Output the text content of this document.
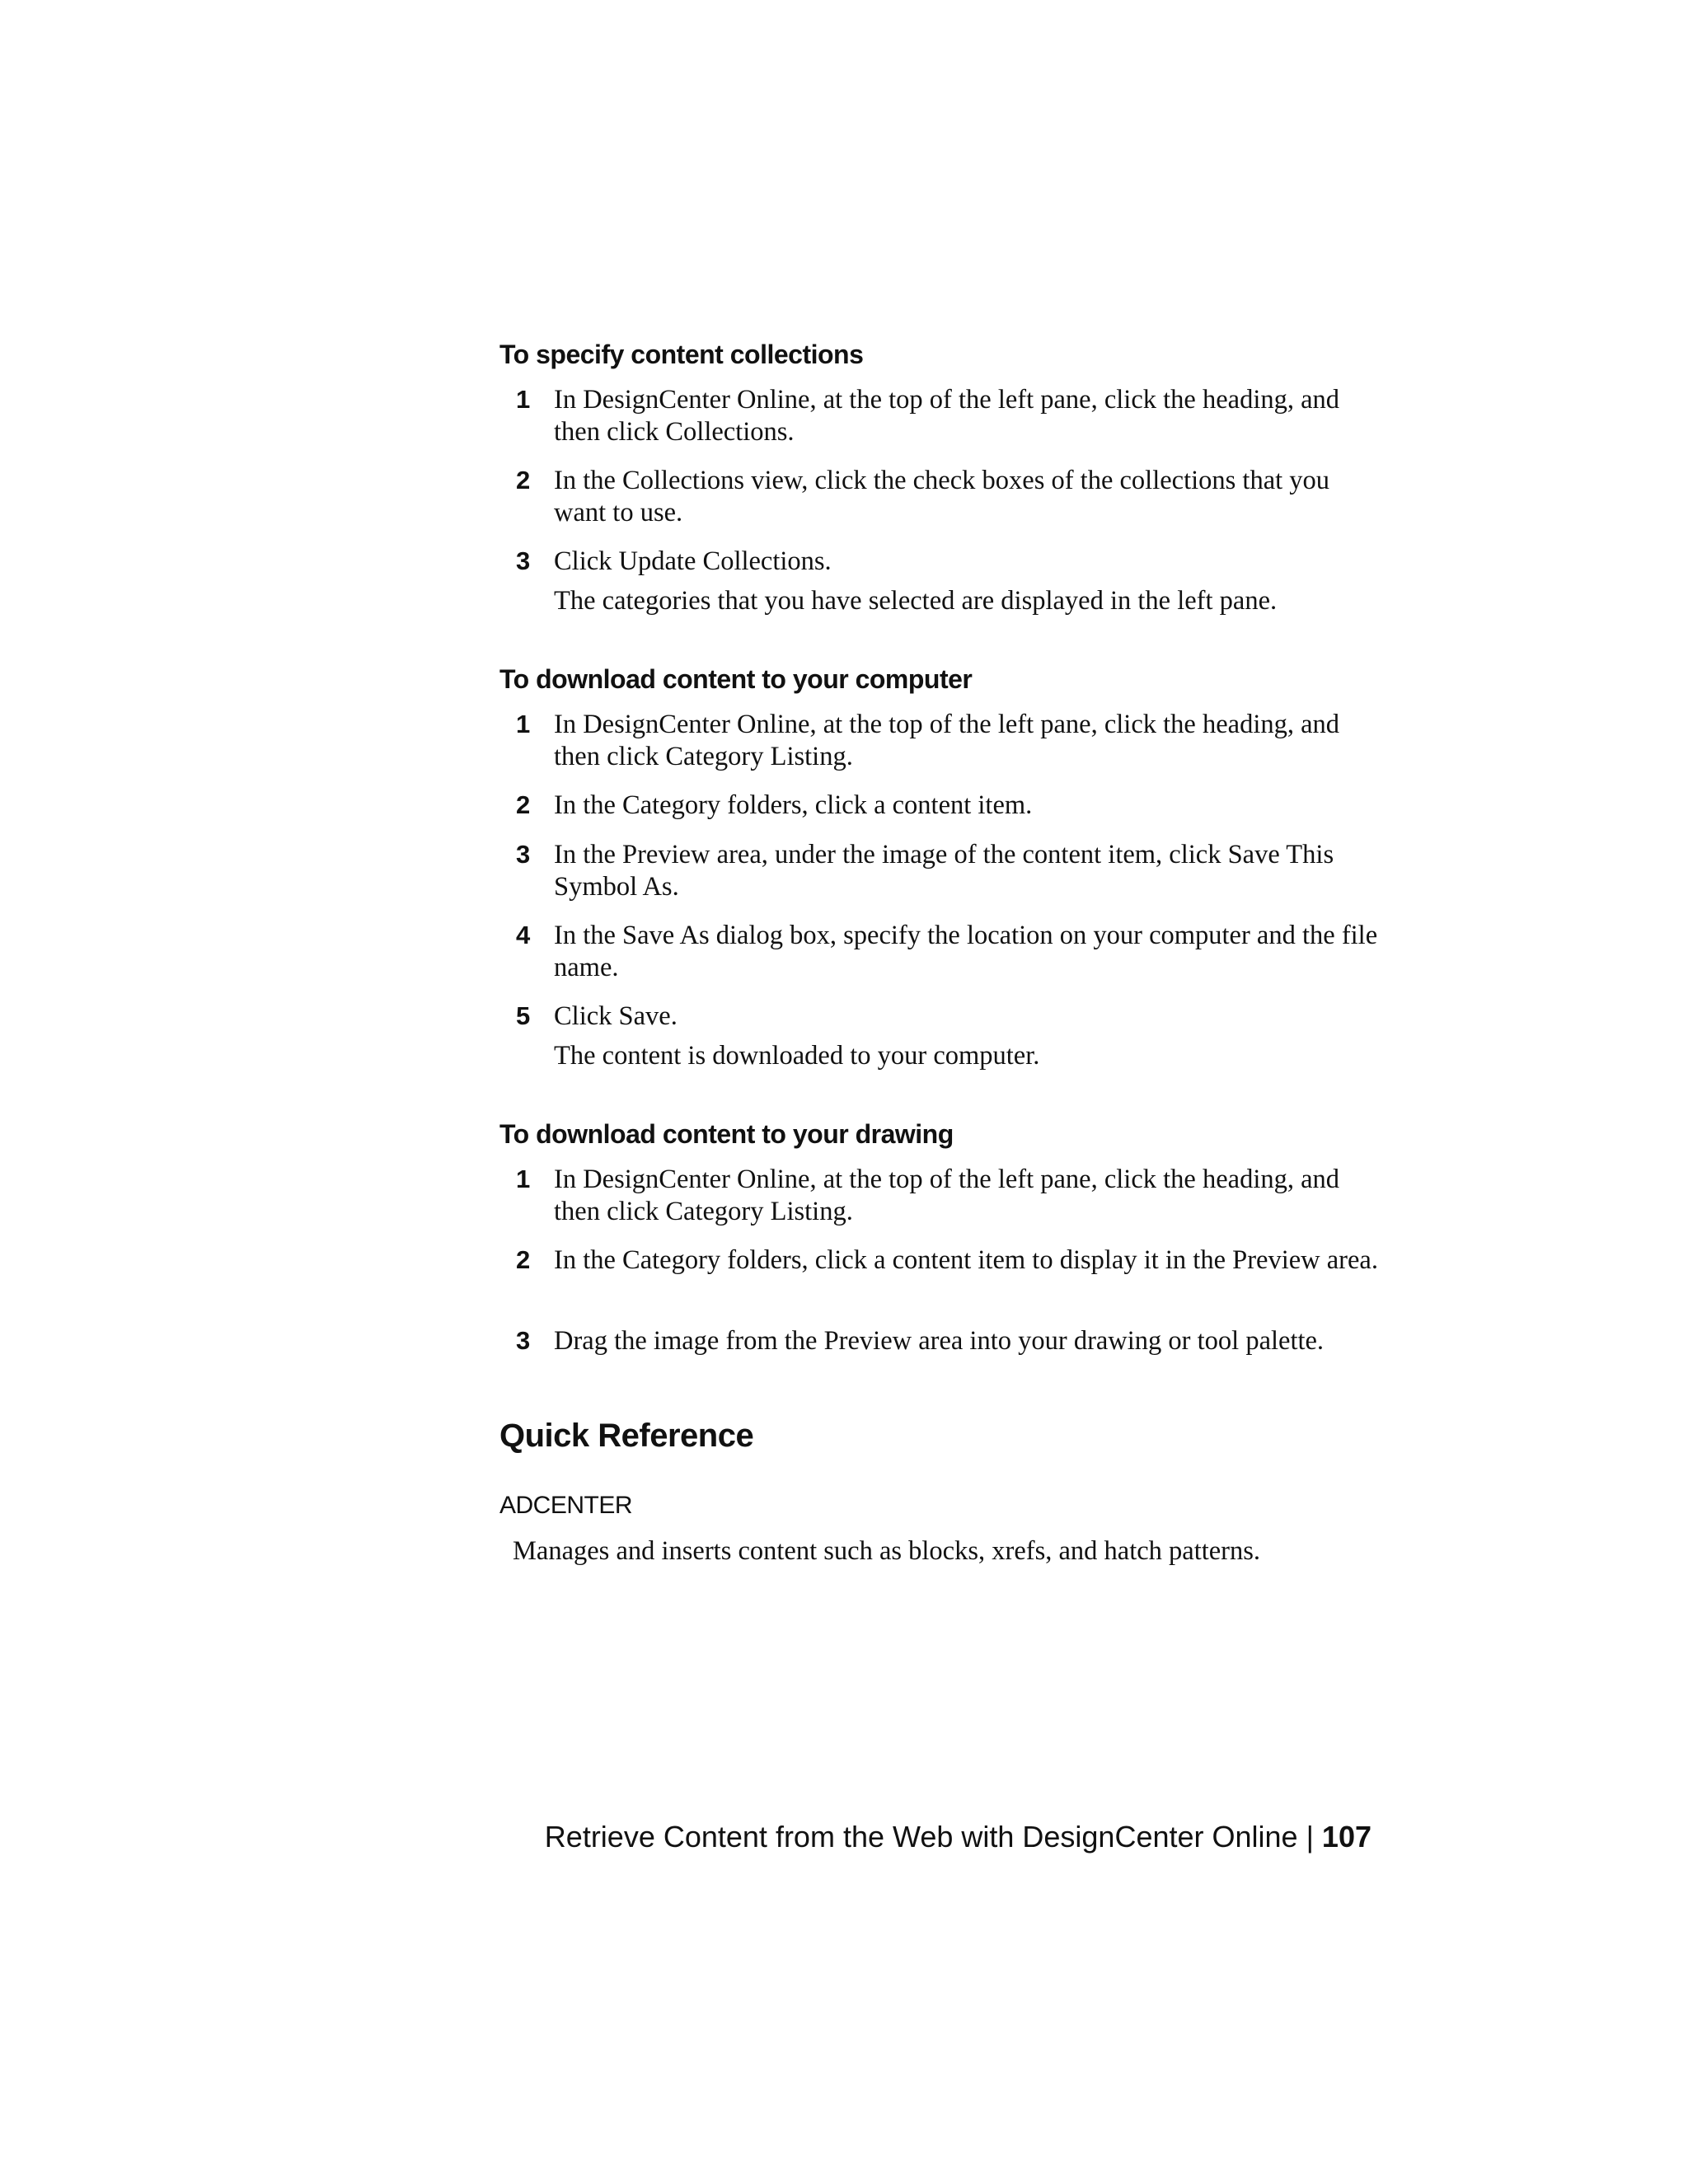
To specify content collections
1 In DesignCenter Online, at the top of the left pane, click the heading, and then click Collections.
2 In the Collections view, click the check boxes of the collections that you want to use.
3 Click Update Collections.
The categories that you have selected are displayed in the left pane.
To download content to your computer
1 In DesignCenter Online, at the top of the left pane, click the heading, and then click Category Listing.
2 In the Category folders, click a content item.
3 In the Preview area, under the image of the content item, click Save This Symbol As.
4 In the Save As dialog box, specify the location on your computer and the file name.
5 Click Save.
The content is downloaded to your computer.
To download content to your drawing
1 In DesignCenter Online, at the top of the left pane, click the heading, and then click Category Listing.
2 In the Category folders, click a content item to display it in the Preview area.
3 Drag the image from the Preview area into your drawing or tool palette.
Quick Reference
ADCENTER
Manages and inserts content such as blocks, xrefs, and hatch patterns.
Retrieve Content from the Web with DesignCenter Online | 107
